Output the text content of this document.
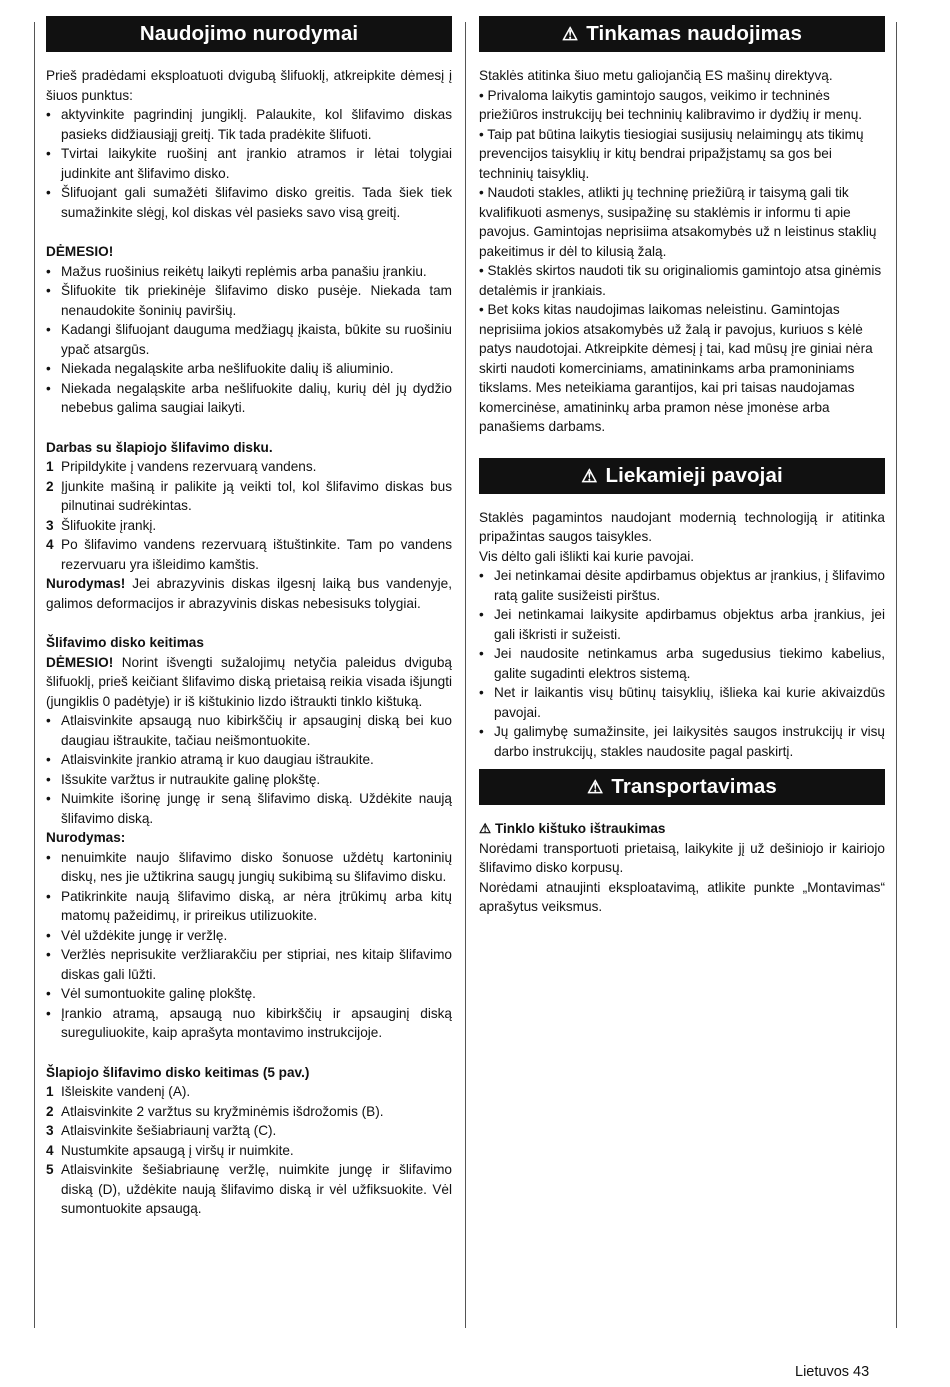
Naudojimo nurodymai

Prieš pradėdami eksploatuoti dvigubą šlifuoklį, atkreipkite dėmesį į šiuos punktus:

• aktyvinkite pagrindinį jungiklį. Palaukite, kol šlifavimo diskas pasieks didžiausiąjį greitį. Tik tada pradėkite šlifuoti.
• Tvirtai laikykite ruošinį ant įrankio atramos ir lėtai tolygiai judinkite ant šlifavimo disko.
• Šlifuojant gali sumažėti šlifavimo disko greitis. Tada šiek tiek sumažinkite slėgį, kol diskas vėl pasieks savo visą greitį.

DĖMESIO!

• Mažus ruošinius reikėtų laikyti replėmis arba panašiu įrankiu.
• Šlifuokite tik priekinėje šlifavimo disko pusėje. Niekada tam nenaudokite šoninių paviršių.
• Kadangi šlifuojant daugumа medžiagų įkaista, būkite su ruošiniu ypač atsargūs.
• Niekada negaląskite arba nešlifuokite dalių iš aliuminio.
• Niekada negaląskite arba nešlifuokite dalių, kurių dėl jų dydžio nebebus galima saugiai laikyti.

Darbas su šlapiojo šlifavimo disku.

1 Pripildykite į vandens rezervuarą vandens.
2 Įjunkite mašiną ir palikite ją veikti tol, kol šlifavimo diskas bus pilnutinai sudrėkintas.
3 Šlifuokite įrankį.
4 Po šlifavimo vandens rezervuarą ištuštinkite. Tam po vandens rezervuaru yra išleidimo kamštis.

Nurodymas! Jei abrazyvinis diskas ilgesnį laiką bus vandenyje, galimos deformacijos ir abrazyvinis diskas nebesisuks tolygiai.

Šlifavimo disko keitimas

DĖMESIO! Norint išvengti sužalojimų netyčia paleidus dvigubą šlifuoklį, prieš keičiant šlifavimo diską prietaisą reikia visada išjungti (jungiklis 0 padėtyje) ir iš kištukinio lizdo ištraukti tinklo kištuką.

• Atlaisvinkite apsaugą nuo kibirkščių ir apsauginį diską bei kuo daugiau ištraukite, tačiau neišmontuokite.
• Atlaisvinkite įrankio atramą ir kuo daugiau ištraukite.
• Išsukite varžtus ir nutraukite galinę plokštę.
• Nuimkite išorinę jungę ir seną šlifavimo diską. Uždėkite naują šlifavimo diską.

Nurodymas:

• nenuimkite naujo šlifavimo disko šonuose uždėtų kartoninių diskų, nes jie užtikrina saugų jungių sukibimą su šlifavimo disku.
• Patikrinkite naują šlifavimo diską, ar nėra įtrūkimų arba kitų matomų pažeidimų, ir prireikus utilizuokite.
• Vėl uždėkite jungę ir veržlę.
• Veržlės neprisukite veržliarakčiu per stipriai, nes kitaip šlifavimo diskas gali lūžti.
• Vėl sumontuokite galinę plokštę.
• Įrankio atramą, apsaugą nuo kibirkščių ir apsauginį diską sureguliuokite, kaip aprašyta montavimo instrukcijoje.

Šlapiojo šlifavimo disko keitimas (5 pav.)

1 Išleiskite vandenį (A).
2 Atlaisvinkite 2 varžtus su kryžminėmis išdrožomis (B).
3 Atlaisvinkite šešiabriaunį varžtą (C).
4 Nustumkite apsaugą į viršų ir nuimkite.
5 Atlaisvinkite šešiabriaunę veržlę, nuimkite jungę ir šlifavimo diską (D), uždėkite naują šlifavimo diską ir vėl užfiksuokite. Vėl sumontuokite apsaugą.
⚠ Tinkamas naudojimas

Staklės atitinka šiuo metu galiojančią ES mašinų direktyvą.

• Privaloma laikytis gamintojo saugos, veikimo ir techninės priežiūros instrukcijų bei techninių kalibravimo ir dydžių ir menų.

• Taip pat būtina laikytis tiesiogiai susijusių nelaimingų ats tikimų prevencijos taisyklių ir kitų bendrai pripažįstamų sa gos bei techninių taisyklių.

• Naudoti stakles, atlikti jų techninę priežiūrą ir taisymą gali tik kvalifikuoti asmenys, susipažinę su staklėmis ir informu ti apie pavojus. Gamintojas neprisiima atsakomybės už n leistinus staklių pakeitimus ir dėl to kilusią žalą.

• Staklės skirtos naudoti tik su originaliomis gamintojo atsa ginėmis detalėmis ir įrankiais.

• Bet koks kitas naudojimas laikomas neleistinu. Gamintojas neprisiima jokios atsakomybės už žalą ir pavojus, kuriuos s kėlė patys naudotojai. Atkreipkite dėmesį į tai, kad mūsų įre giniai nėra skirti naudoti komerciniams, amatininkams arba pramoniniams tikslams. Mes neteikiama garantijos, kai pri taisas naudojamas komercinėse, amatininkų arba pramon nėse įmonėse arba panašiems darbams.

⚠ Liekamieji pavojai

Staklės pagamintos naudojant modernią technologiją ir atitinka pripažintas saugos taisykles.

Vis dėlto gali išlikti kai kurie pavojai.

• Jei netinkamai dėsite apdirbamus objektus ar įrankius, į šlifavimo ratą galite susižeisti pirštus.
• Jei netinkamai laikysite apdirbamus objektus arba įrankius, jei gali iškristi ir sužeisti.
• Jei naudosite netinkamus arba sugedusius tiekimo kabelius, galite sugadinti elektros sistemą.
• Net ir laikantis visų būtinų taisyklių, išlieka kai kurie akivaizdūs pavojai.
• Jų galimybę sumažinsite, jei laikysitės saugos instrukcijų ir visų darbo instrukcijų, stakles naudosite pagal paskirtį.
⚠ Transportavimas

⚠ Tinklo kištuko ištraukimas

Norėdami transportuoti prietaisą, laikykite jį už dešiniojo ir kairiojo šlifavimo disko korpusų.

Norėdami atnaujinti eksploatavimą, atlikite punkte „Montavimas“ aprašytus veiksmus.

Lietuvos 43
